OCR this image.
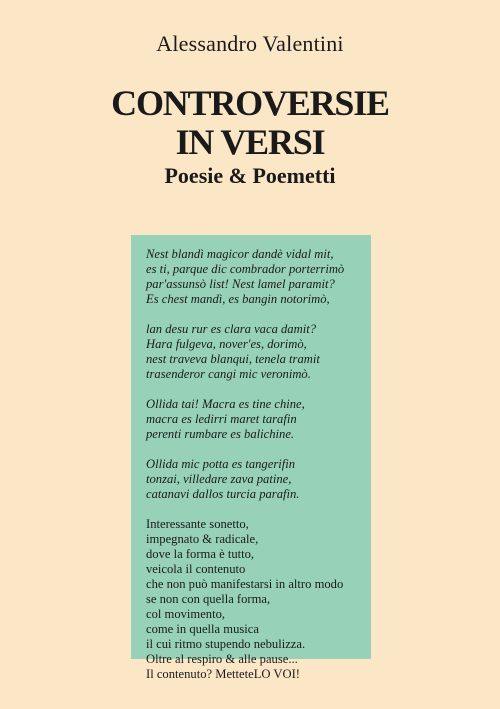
Alessandro Valentini
CONTROVERSIE
IN VERSI
Poesie & Poemetti
Nest blandì magicor dandè vidal mit,
es ti, parque dic combrador porterrimò
par'assunsò list! Nest lamel paramit?
Es chest mandì, es bangin notorimò,
lan desu rur es clara vaca damit?
Hara fulgeva, nover'es, dorimò,
nest traveva blanqui, tenela tramit
trasenderor cangi mic veronimò.
Ollida tai! Macra es tine chine,
macra es ledirri maret tarafin
perenti rumbare es balichine.
Ollida mic potta es tangerifin
tonzai, villedare zava patine,
catanavi dallos turcia parafin.
Interessante sonetto,
impegnato & radicale,
dove la forma è tutto,
veicola il contenuto
che non può manifestarsi in altro modo
se non con quella forma,
col movimento,
come in quella musica
il cui ritmo stupendo nebulizza.
Oltre al respiro & alle pause...
Il contenuto? MetteteLO VOI!
